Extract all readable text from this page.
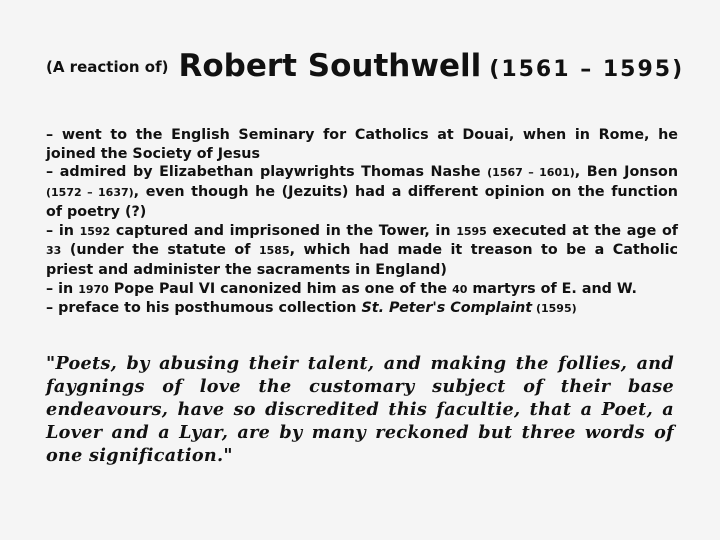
(A reaction of) Robert Southwell (1561 – 1595)

– went to the English Seminary for Catholics at Douai, when in Rome, he joined the Society of Jesus

– admired by Elizabethan playwrights Thomas Nashe (1567 – 1601), Ben Jonson (1572 – 1637), even though he (Jezuits) had a different opinion on the function of poetry (?)

– in 1592 captured and imprisoned in the Tower, in 1595 executed at the age of 33 (under the statute of 1585, which had made it treason to be a Catholic priest and administer the sacraments in England)

– in 1970 Pope Paul VI canonized him as one of the 40 martyrs of E. and W.

– preface to his posthumous collection St. Peter's Complaint (1595)

"Poets, by abusing their talent, and making the follies, and faygnings of love the customary subject of their base endeavours, have so discredited this facultie, that a Poet, a Lover and a Lyar, are by many reckoned but three words of one signification."
